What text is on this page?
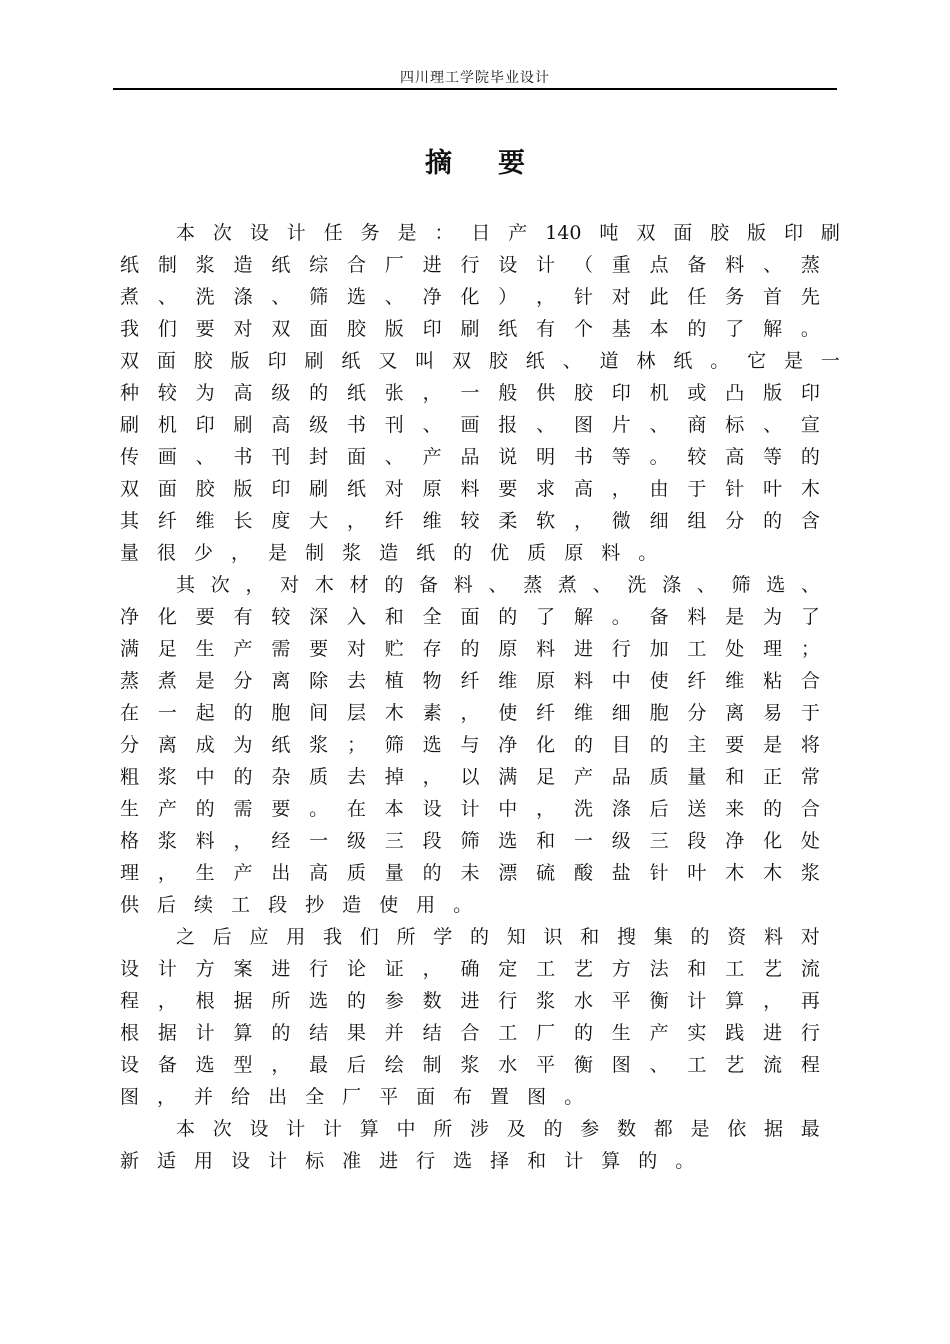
四川理工学院毕业设计
摘要
本 次 设 计 任 务 是 ： 日 产 140 吨 双 面 胶 版 印 刷
纸 制 浆 造 纸 综 合 厂 进 行 设 计 （ 重 点 备 料 、 蒸
煮 、 洗 涤 、 筛 选 、 净 化 ） ， 针 对 此 任 务 首 先
我 们 要 对 双 面 胶 版 印 刷 纸 有 个 基 本 的 了 解 。
双 面 胶 版 印 刷 纸 又 叫 双 胶 纸 、 道 林 纸 。 它 是 一
种 较 为 高 级 的 纸 张 ， 一 般 供 胶 印 机 或 凸 版 印
刷 机 印 刷 高 级 书 刊 、 画 报 、 图 片 、 商 标 、 宣
传 画 、 书 刊 封 面 、 产 品 说 明 书 等 。 较 高 等 的
双 面 胶 版 印 刷 纸 对 原 料 要 求 高 ， 由 于 针 叶 木
其 纤 维 长 度 大 ， 纤 维 较 柔 软 ， 微 细 组 分 的 含
量 很 少 ， 是 制 浆 造 纸 的 优 质 原 料 。
其 次 ， 对 木 材 的 备 料 、 蒸 煮 、 洗 涤 、 筛 选 、
净 化 要 有 较 深 入 和 全 面 的 了 解 。 备 料 是 为 了
满 足 生 产 需 要 对 贮 存 的 原 料 进 行 加 工 处 理 ；
蒸 煮 是 分 离 除 去 植 物 纤 维 原 料 中 使 纤 维 粘 合
在 一 起 的 胞 间 层 木 素 ， 使 纤 维 细 胞 分 离 易 于
分 离 成 为 纸 浆 ； 筛 选 与 净 化 的 目 的 主 要 是 将
粗 浆 中 的 杂 质 去 掉 ， 以 满 足 产 品 质 量 和 正 常
生 产 的 需 要 。 在 本 设 计 中 ， 洗 涤 后 送 来 的 合
格 浆 料 ， 经 一 级 三 段 筛 选 和 一 级 三 段 净 化 处
理 ， 生 产 出 高 质 量 的 未 漂 硫 酸 盐 针 叶 木 木 浆
供 后 续 工 段 抄 造 使 用 。
之 后 应 用 我 们 所 学 的 知 识 和 搜 集 的 资 料 对
设 计 方 案 进 行 论 证 ， 确 定 工 艺 方 法 和 工 艺 流
程 ， 根 据 所 选 的 参 数 进 行 浆 水 平 衡 计 算 ， 再
根 据 计 算 的 结 果 并 结 合 工 厂 的 生 产 实 践 进 行
设 备 选 型 ， 最 后 绘 制 浆 水 平 衡 图 、 工 艺 流 程
图 ， 并 给 出 全 厂 平 面 布 置 图 。
本 次 设 计 计 算 中 所 涉 及 的 参 数 都 是 依 据 最
新 适 用 设 计 标 准 进 行 选 择 和 计 算 的 。
